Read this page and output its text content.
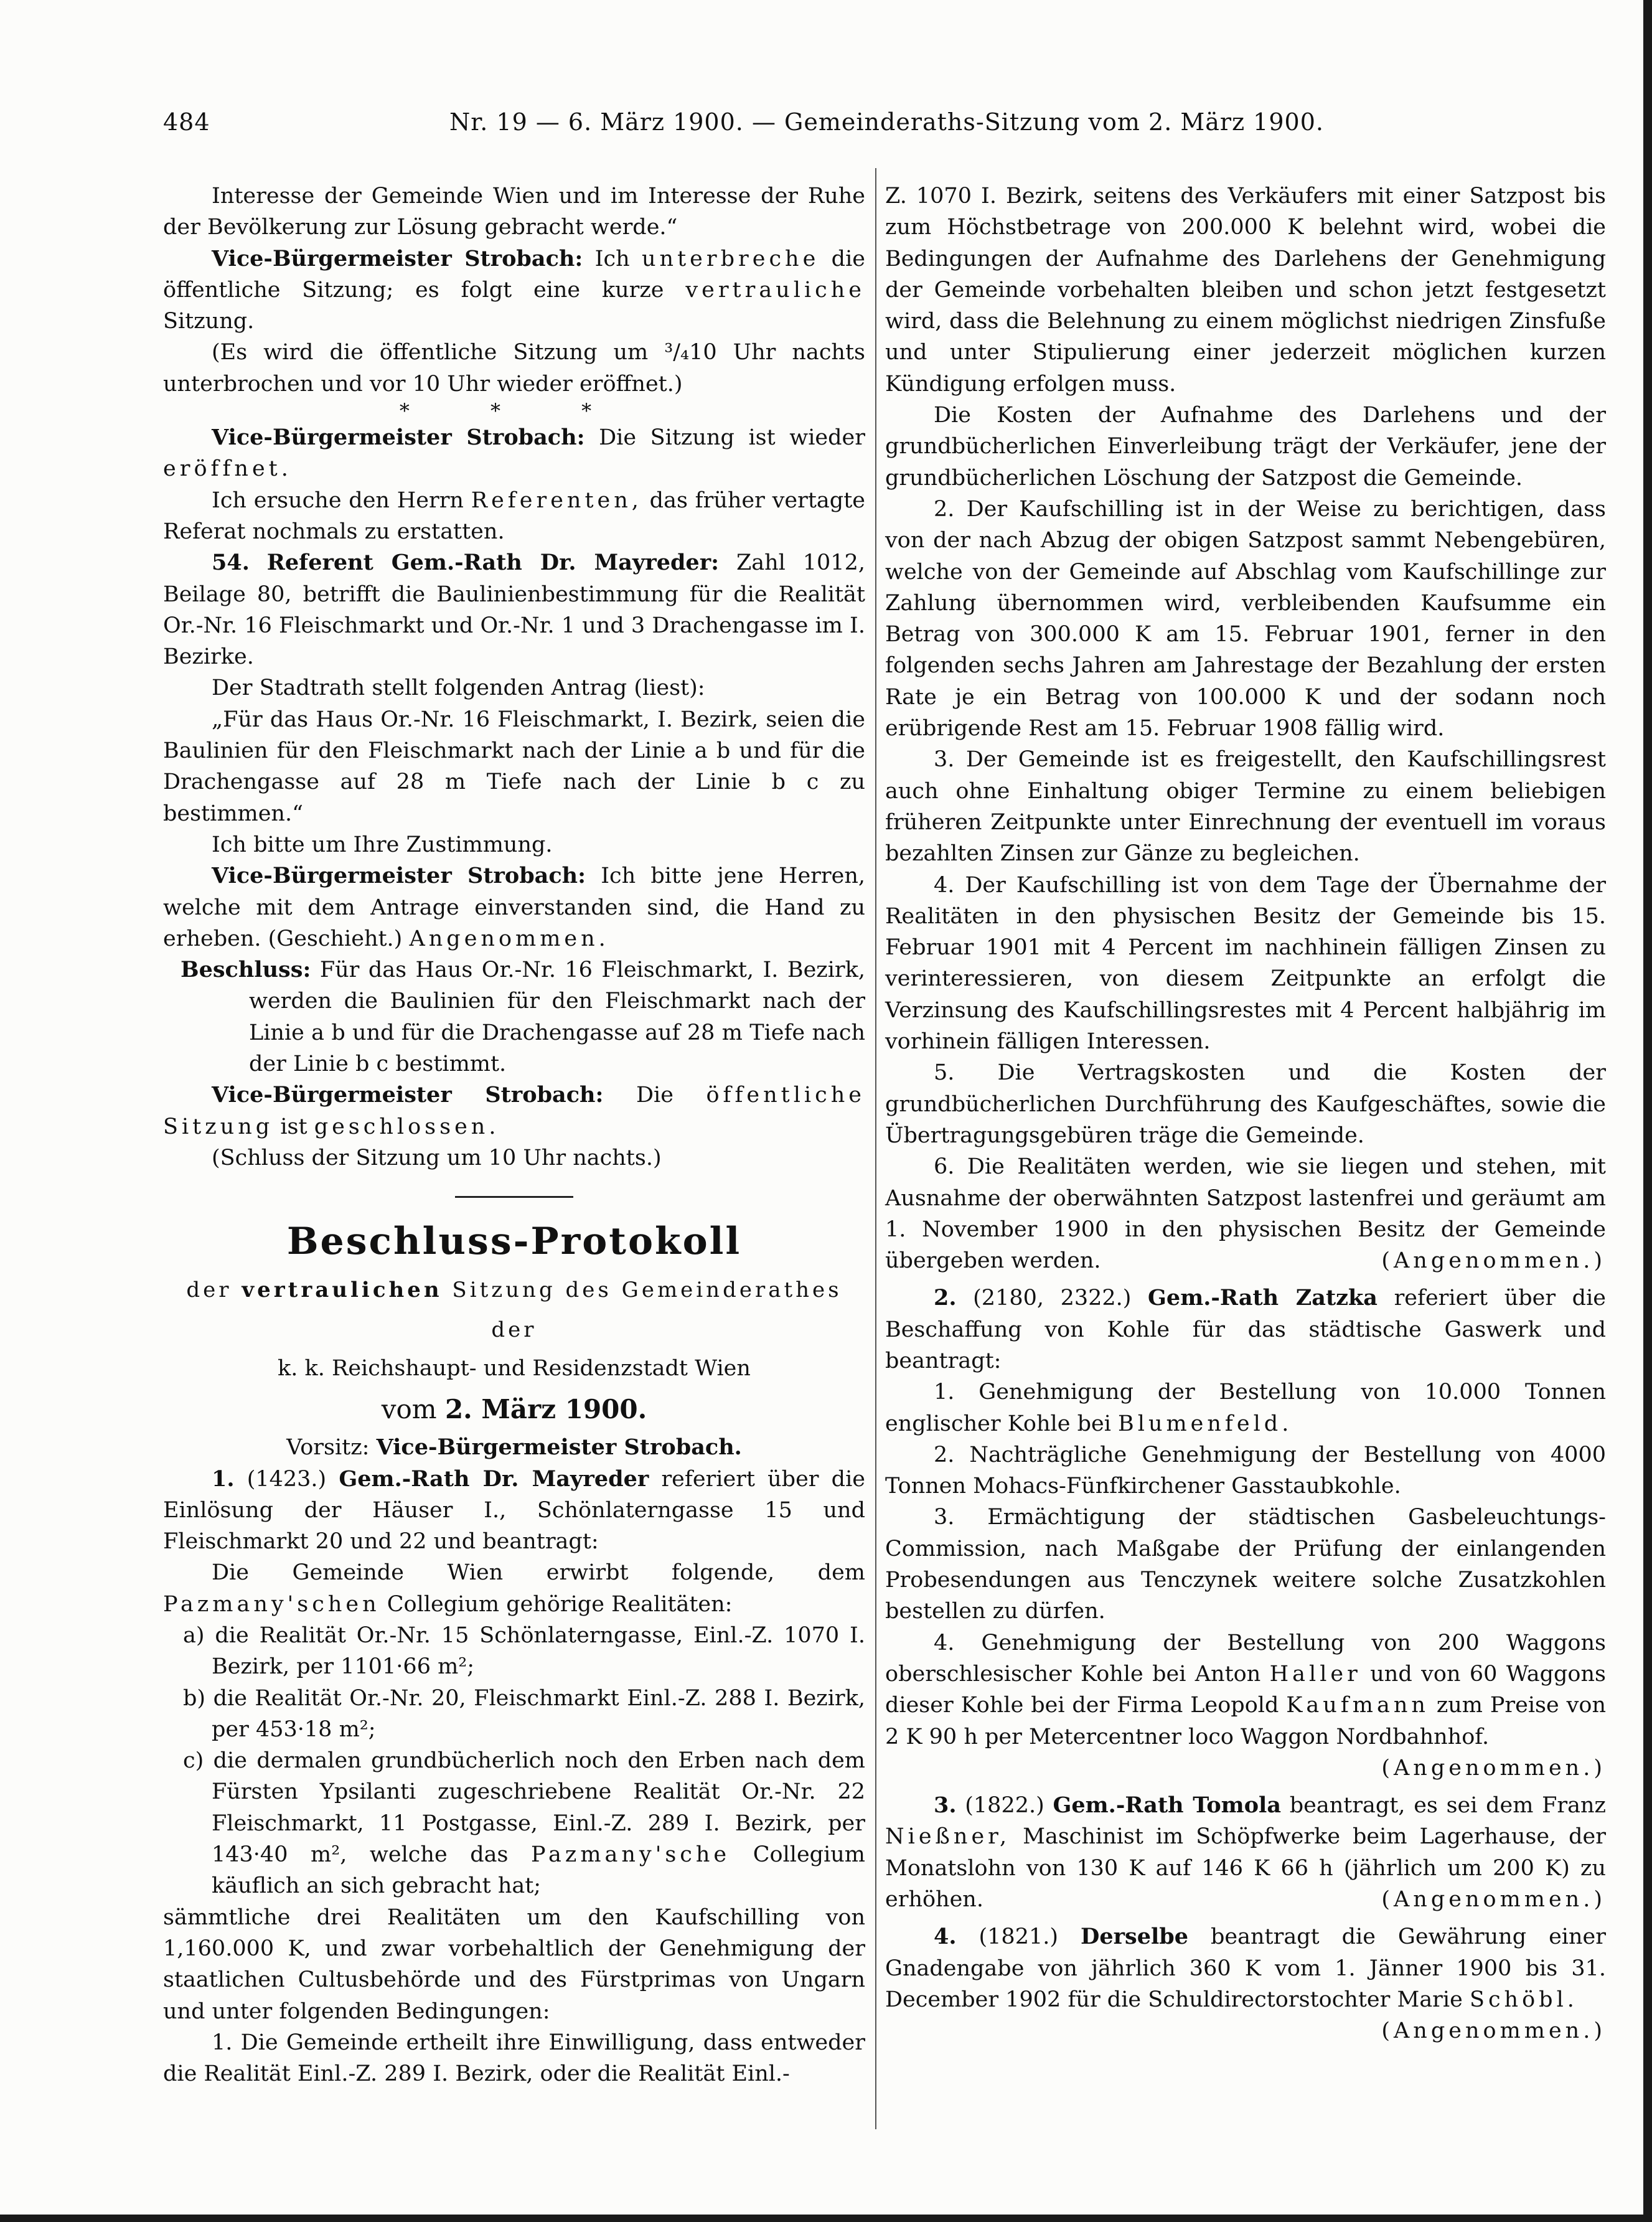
484	Nr. 19 — 6. März 1900. — Gemeinderaths-Sitzung vom 2. März 1900.

Interesse der Gemeinde Wien und im Interesse der Ruhe der Bevölkerung zur Lösung gebracht werde.“

Vice-Bürgermeister Strobach: Ich unterbreche die öffentliche Sitzung; es folgt eine kurze vertrauliche Sitzung.

(Es wird die öffentliche Sitzung um ³/₄10 Uhr nachts unterbrochen und vor 10 Uhr wieder eröffnet.)

* * *

Vice-Bürgermeister Strobach: Die Sitzung ist wieder eröffnet.

Ich ersuche den Herrn Referenten, das früher vertagte Referat nochmals zu erstatten.

54. Referent Gem.-Rath Dr. Mayreder: Zahl 1012, Beilage 80, betrifft die Baulinienbestimmung für die Realität Or.-Nr. 16 Fleischmarkt und Or.-Nr. 1 und 3 Drachengasse im I. Bezirke.

Der Stadtrath stellt folgenden Antrag (liest):

„Für das Haus Or.-Nr. 16 Fleischmarkt, I. Bezirk, seien die Baulinien für den Fleischmarkt nach der Linie a b und für die Drachengasse auf 28 m Tiefe nach der Linie b c zu bestimmen.“

Ich bitte um Ihre Zustimmung.

Vice-Bürgermeister Strobach: Ich bitte jene Herren, welche mit dem Antrage einverstanden sind, die Hand zu erheben. (Geschieht.) Angenommen.

Beschluss: Für das Haus Or.-Nr. 16 Fleischmarkt, I. Bezirk, werden die Baulinien für den Fleischmarkt nach der Linie a b und für die Drachengasse auf 28 m Tiefe nach der Linie b c bestimmt.

Vice-Bürgermeister Strobach: Die öffentliche Sitzung ist geschlossen.

(Schluss der Sitzung um 10 Uhr nachts.)

Beschluss-Protokoll

der vertraulichen Sitzung des Gemeinderathes der

k. k. Reichshaupt- und Residenzstadt Wien

vom 2. März 1900.

Vorsitz: Vice-Bürgermeister Strobach.

1. (1423.) Gem.-Rath Dr. Mayreder referiert über die Einlösung der Häuser I., Schönlaterngasse 15 und Fleischmarkt 20 und 22 und beantragt:

Die Gemeinde Wien erwirbt folgende, dem Pazmany'schen Collegium gehörige Realitäten:

a) die Realität Or.-Nr. 15 Schönlaterngasse, Einl.-Z. 1070 I. Bezirk, per 1101·66 m²;

b) die Realität Or.-Nr. 20, Fleischmarkt Einl.-Z. 288 I. Bezirk, per 453·18 m²;

c) die dermalen grundbücherlich noch den Erben nach dem Fürsten Ypsilanti zugeschriebene Realität Or.-Nr. 22 Fleischmarkt, 11 Postgasse, Einl.-Z. 289 I. Bezirk, per 143·40 m², welche das Pazmany'sche Collegium käuflich an sich gebracht hat;

sämmtliche drei Realitäten um den Kaufschilling von 1,160.000 K, und zwar vorbehaltlich der Genehmigung der staatlichen Cultusbehörde und des Fürstprimas von Ungarn und unter folgenden Bedingungen:

1. Die Gemeinde ertheilt ihre Einwilligung, dass entweder die Realität Einl.-Z. 289 I. Bezirk, oder die Realität Einl.-

Z. 1070 I. Bezirk, seitens des Verkäufers mit einer Satzpost bis zum Höchstbetrage von 200.000 K belehnt wird, wobei die Bedingungen der Aufnahme des Darlehens der Genehmigung der Gemeinde vorbehalten bleiben und schon jetzt festgesetzt wird, dass die Belehnung zu einem möglichst niedrigen Zinsfuße und unter Stipulierung einer jederzeit möglichen kurzen Kündigung erfolgen muss.

Die Kosten der Aufnahme des Darlehens und der grundbücherlichen Einverleibung trägt der Verkäufer, jene der grundbücherlichen Löschung der Satzpost die Gemeinde.

2. Der Kaufschilling ist in der Weise zu berichtigen, dass von der nach Abzug der obigen Satzpost sammt Nebengebüren, welche von der Gemeinde auf Abschlag vom Kaufschillinge zur Zahlung übernommen wird, verbleibenden Kaufsumme ein Betrag von 300.000 K am 15. Februar 1901, ferner in den folgenden sechs Jahren am Jahrestage der Bezahlung der ersten Rate je ein Betrag von 100.000 K und der sodann noch erübrigende Rest am 15. Februar 1908 fällig wird.

3. Der Gemeinde ist es freigestellt, den Kaufschillingsrest auch ohne Einhaltung obiger Termine zu einem beliebigen früheren Zeitpunkte unter Einrechnung der eventuell im voraus bezahlten Zinsen zur Gänze zu begleichen.

4. Der Kaufschilling ist von dem Tage der Übernahme der Realitäten in den physischen Besitz der Gemeinde bis 15. Februar 1901 mit 4 Percent im nachhinein fälligen Zinsen zu verinteressieren, von diesem Zeitpunkte an erfolgt die Verzinsung des Kaufschillingsrestes mit 4 Percent halbjährig im vorhinein fälligen Interessen.

5. Die Vertragskosten und die Kosten der grundbücherlichen Durchführung des Kaufgeschäftes, sowie die Übertragungsgebüren träge die Gemeinde.

6. Die Realitäten werden, wie sie liegen und stehen, mit Ausnahme der oberwähnten Satzpost lastenfrei und geräumt am 1. November 1900 in den physischen Besitz der Gemeinde übergeben werden.	(Angenommen.)

2. (2180, 2322.) Gem.-Rath Zatzka referiert über die Beschaffung von Kohle für das städtische Gaswerk und beantragt:

1. Genehmigung der Bestellung von 10.000 Tonnen englischer Kohle bei Blumenfeld.

2. Nachträgliche Genehmigung der Bestellung von 4000 Tonnen Mohacs-Fünfkirchener Gasstaubkohle.

3. Ermächtigung der städtischen Gasbeleuchtungs-Commission, nach Maßgabe der Prüfung der einlangenden Probesendungen aus Tenczynek weitere solche Zusatzkohlen bestellen zu dürfen.

4. Genehmigung der Bestellung von 200 Waggons oberschlesischer Kohle bei Anton Haller und von 60 Waggons dieser Kohle bei der Firma Leopold Kaufmann zum Preise von 2 K 90 h per Metercentner loco Waggon Nordbahnhof.

(Angenommen.)

3. (1822.) Gem.-Rath Tomola beantragt, es sei dem Franz Nießner, Maschinist im Schöpfwerke beim Lagerhause, der Monatslohn von 130 K auf 146 K 66 h (jährlich um 200 K) zu erhöhen.	(Angenommen.)

4. (1821.) Derselbe beantragt die Gewährung einer Gnadengabe von jährlich 360 K vom 1. Jänner 1900 bis 31. December 1902 für die Schuldirectorstochter Marie Schöbl.

(Angenommen.)
